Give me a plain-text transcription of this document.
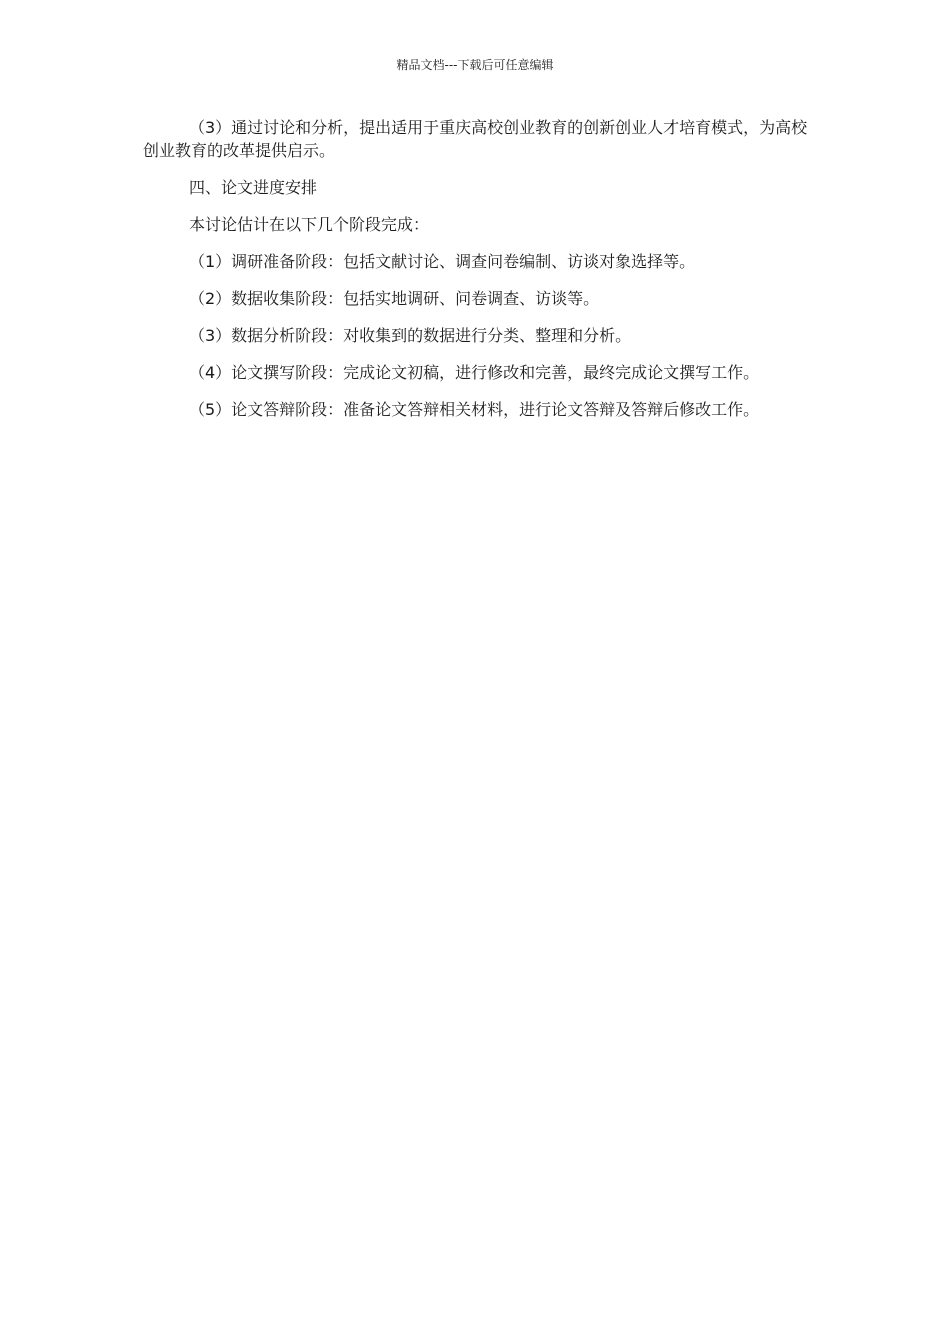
精品文档---下载后可任意编辑

（3）通过讨论和分析，提出适用于重庆高校创业教育的创新创业人才培育模式，为高校创业教育的改革提供启示。

四、论文进度安排

本讨论估计在以下几个阶段完成：

（1）调研准备阶段：包括文献讨论、调查问卷编制、访谈对象选择等。

（2）数据收集阶段：包括实地调研、问卷调查、访谈等。

（3）数据分析阶段：对收集到的数据进行分类、整理和分析。

（4）论文撰写阶段：完成论文初稿，进行修改和完善，最终完成论文撰写工作。

（5）论文答辩阶段：准备论文答辩相关材料，进行论文答辩及答辩后修改工作。
